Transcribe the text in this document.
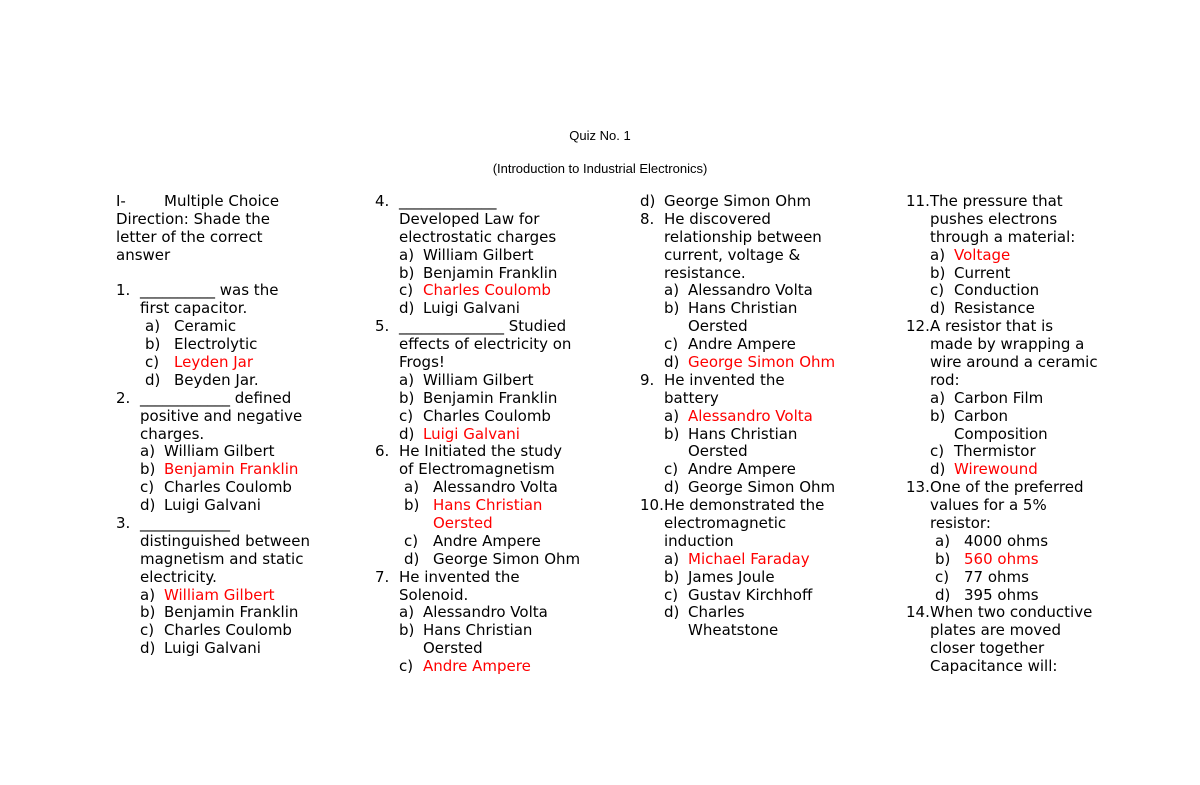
Quiz No. 1
(Introduction to Industrial Electronics)
I-	Multiple Choice
Direction: Shade the
letter of the correct
answer
1. __________ was the
first capacitor.
a) Ceramic
b) Electrolytic
c) Leyden Jar
d) Beyden Jar.
2. ____________ defined
positive and negative
charges.
a) William Gilbert
b) Benjamin Franklin
c) Charles Coulomb
d) Luigi Galvani
3. ____________
distinguished between
magnetism and static
electricity.
a) William Gilbert
b) Benjamin Franklin
c) Charles Coulomb
d) Luigi Galvani
4. _____________
Developed Law for
electrostatic charges
a) William Gilbert
b) Benjamin Franklin
c) Charles Coulomb
d) Luigi Galvani
5. ______________ Studied
effects of electricity on
Frogs!
a) William Gilbert
b) Benjamin Franklin
c) Charles Coulomb
d) Luigi Galvani
6. He Initiated the study
of Electromagnetism
a) Alessandro Volta
b) Hans Christian
Oersted
c) Andre Ampere
d) George Simon Ohm
7. He invented the
Solenoid.
a) Alessandro Volta
b) Hans Christian
Oersted
c) Andre Ampere
d) George Simon Ohm
8. He discovered
relationship between
current, voltage &
resistance.
a) Alessandro Volta
b) Hans Christian
Oersted
c) Andre Ampere
d) George Simon Ohm
9. He invented the
battery
a) Alessandro Volta
b) Hans Christian
Oersted
c) Andre Ampere
d) George Simon Ohm
10. He demonstrated the
electromagnetic
induction
a) Michael Faraday
b) James Joule
c) Gustav Kirchhoff
d) Charles
Wheatstone
11. The pressure that
pushes electrons
through a material:
a) Voltage
b) Current
c) Conduction
d) Resistance
12. A resistor that is
made by wrapping a
wire around a ceramic
rod:
a) Carbon Film
b) Carbon
Composition
c) Thermistor
d) Wirewound
13. One of the preferred
values for a 5%
resistor:
a) 4000 ohms
b) 560 ohms
c) 77 ohms
d) 395 ohms
14. When two conductive
plates are moved
closer together
Capacitance will:
